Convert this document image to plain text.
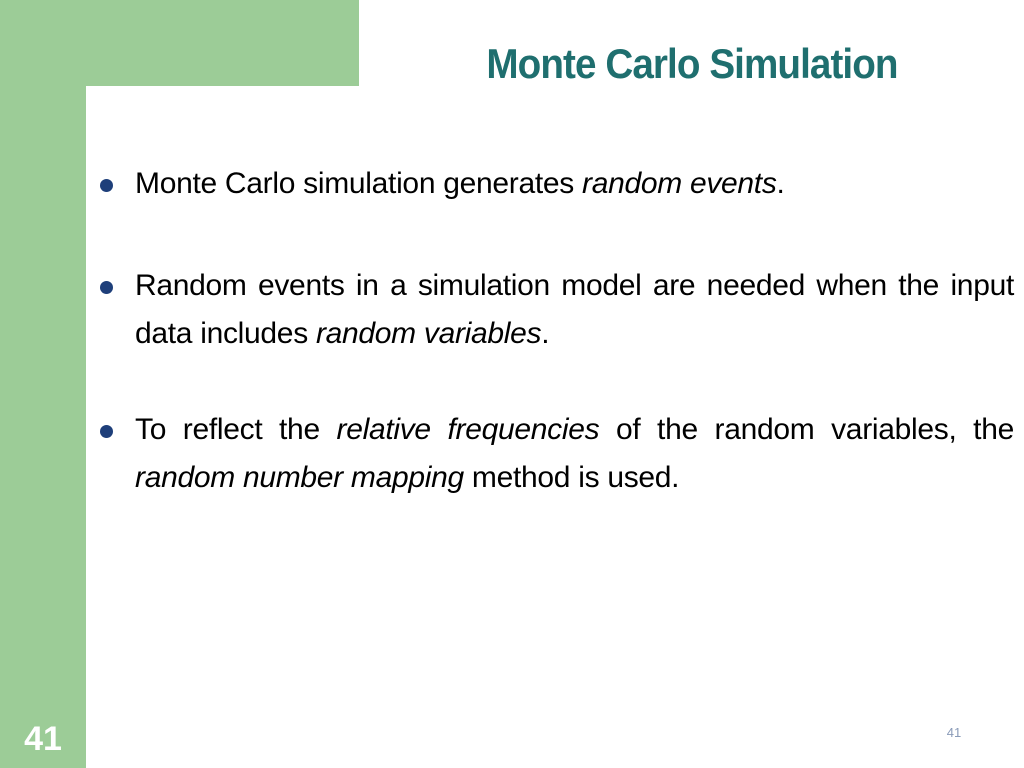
Monte Carlo Simulation
Monte Carlo simulation generates random events.
Random events in a simulation model are needed when the input data includes random variables.
To reflect the relative frequencies of the random variables, the random number mapping method is used.
41	41
